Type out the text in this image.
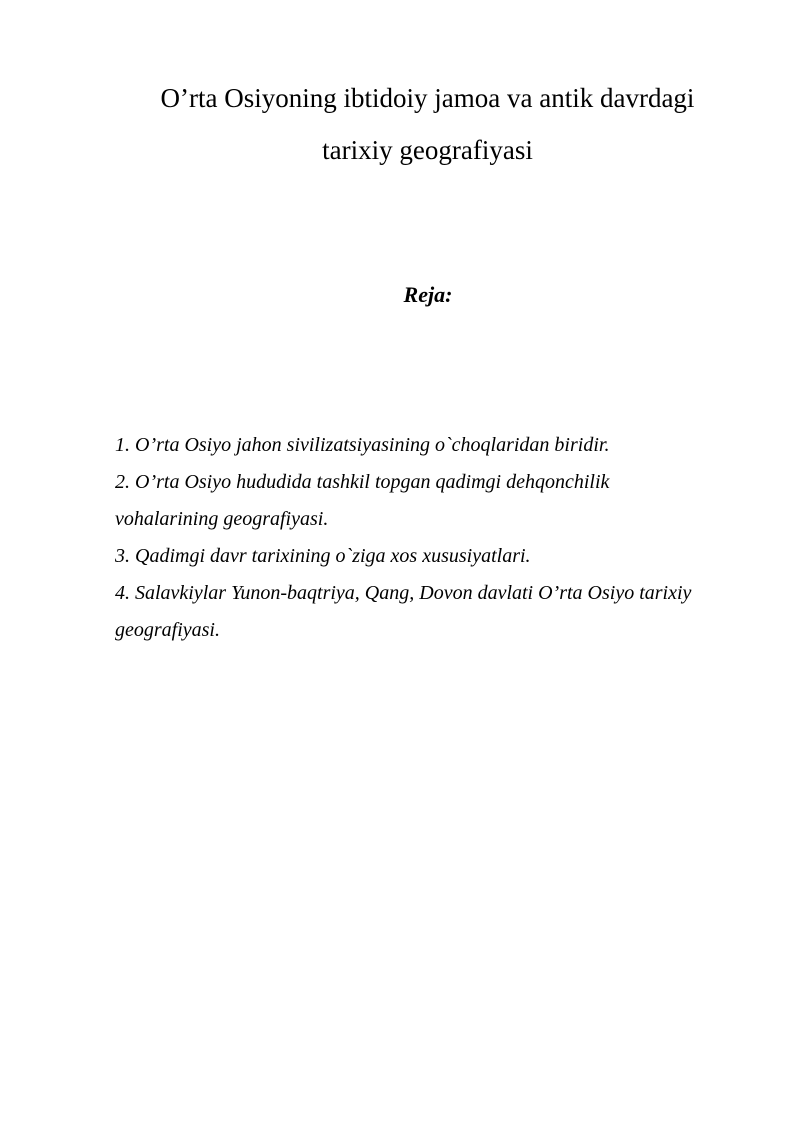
O’rta Osiyoning ibtidoiy jamoa va antik davrdagi
tarixiy geografiyasi
Reja:
1. O’rta Osiyo jahon sivilizatsiyasining o`choqlaridan biridir.
2. O’rta Osiyo hududida tashkil topgan qadimgi dehqonchilik
vohalarining geografiyasi.
3. Qadimgi davr tarixining o`ziga xos xususiyatlari.
4. Salavkiylar Yunon-baqtriya, Qang, Dovon davlati O’rta Osiyo tarixiy
geografiyasi.
